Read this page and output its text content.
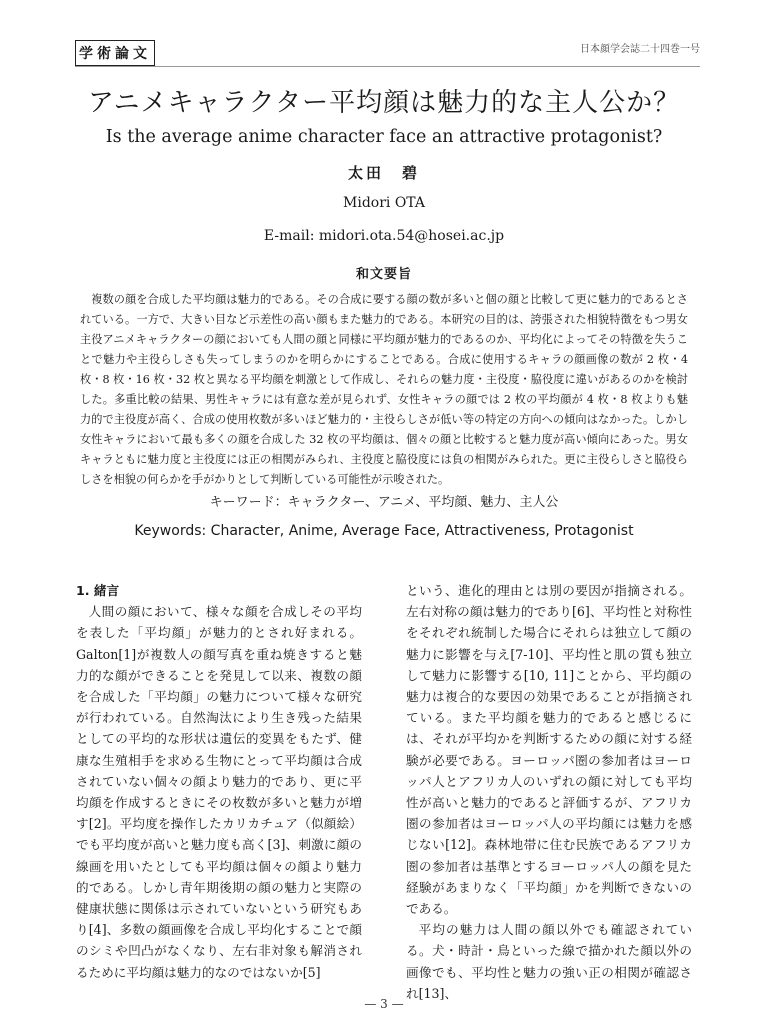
学術論文	日本顔学会誌二十四巻一号
アニメキャラクター平均顔は魅力的な主人公か？
Is the average anime character face an attractive protagonist?
太田　碧
Midori OTA
E-mail: midori.ota.54@hosei.ac.jp
和文要旨

複数の顔を合成した平均顔は魅力的である。その合成に要する顔の数が多いと個の顔と比較して更に魅力的であるとされている。一方で、大きい目など示差性の高い顔もまた魅力的である。本研究の目的は、誇張された相貌特徴をもつ男女主役アニメキャラクターの顔においても人間の顔と同様に平均顔が魅力的であるのか、平均化によってその特徴を失うことで魅力や主役らしさも失ってしまうのかを明らかにすることである。合成に使用するキャラの顔画像の数が 2 枚・4 枚・8 枚・16 枚・32 枚と異なる平均顔を刺激として作成し、それらの魅力度・主役度・脇役度に違いがあるのかを検討した。多重比較の結果、男性キャラには有意な差が見られず、女性キャラの顔では 2 枚の平均顔が 4 枚・8 枚よりも魅力的で主役度が高く、合成の使用枚数が多いほど魅力的・主役らしさが低い等の特定の方向への傾向はなかった。しかし女性キャラにおいて最も多くの顔を合成した 32 枚の平均顔は、個々の顔と比較すると魅力度が高い傾向にあった。男女キャラともに魅力度と主役度には正の相関がみられ、主役度と脇役度には負の相関がみられた。更に主役らしさと脇役らしさを相貌の何らかを手がかりとして判断している可能性が示唆された。

キーワード：キャラクター、アニメ、平均顔、魅力、主人公
Keywords: Character, Anime, Average Face, Attractiveness, Protagonist
1. 緒言

人間の顔において、様々な顔を合成しその平均を表した「平均顔」が魅力的とされ好まれる。Galton[1]が複数人の顔写真を重ね焼きすると魅力的な顔ができることを発見して以来、複数の顔を合成した「平均顔」の魅力について様々な研究が行われている。自然淘汰により生き残った結果としての平均的な形状は遺伝的変異をもたず、健康な生殖相手を求める生物にとって平均顔は合成されていない個々の顔より魅力的であり、更に平均顔を作成するときにその枚数が多いと魅力が増す[2]。平均度を操作したカリカチュア（似顔絵）でも平均度が高いと魅力度も高く[3]、刺激に顔の線画を用いたとしても平均顔は個々の顔より魅力的である。しかし青年期後期の顔の魅力と実際の健康状態に関係は示されていないという研究もあり[4]、多数の顔画像を合成し平均化することで顔のシミや凹凸がなくなり、左右非対象も解消されるために平均顔は魅力的なのではないか[5]

という、進化的理由とは別の要因が指摘される。左右対称の顔は魅力的であり[6]、平均性と対称性をそれぞれ統制した場合にそれらは独立して顔の魅力に影響を与え[7-10]、平均性と肌の質も独立して魅力に影響する[10, 11]ことから、平均顔の魅力は複合的な要因の効果であることが指摘されている。また平均顔を魅力的であると感じるには、それが平均かを判断するための顔に対する経験が必要である。ヨーロッパ圏の参加者はヨーロッパ人とアフリカ人のいずれの顔に対しても平均性が高いと魅力的であると評価するが、アフリカ圏の参加者はヨーロッパ人の平均顔には魅力を感じない[12]。森林地帯に住む民族であるアフリカ圏の参加者は基準とするヨーロッパ人の顔を見た経験があまりなく「平均顔」かを判断できないのである。

平均の魅力は人間の顔以外でも確認されている。犬・時計・鳥といった線で描かれた顔以外の画像でも、平均性と魅力の強い正の相関が確認され[13]、

— 3 —
